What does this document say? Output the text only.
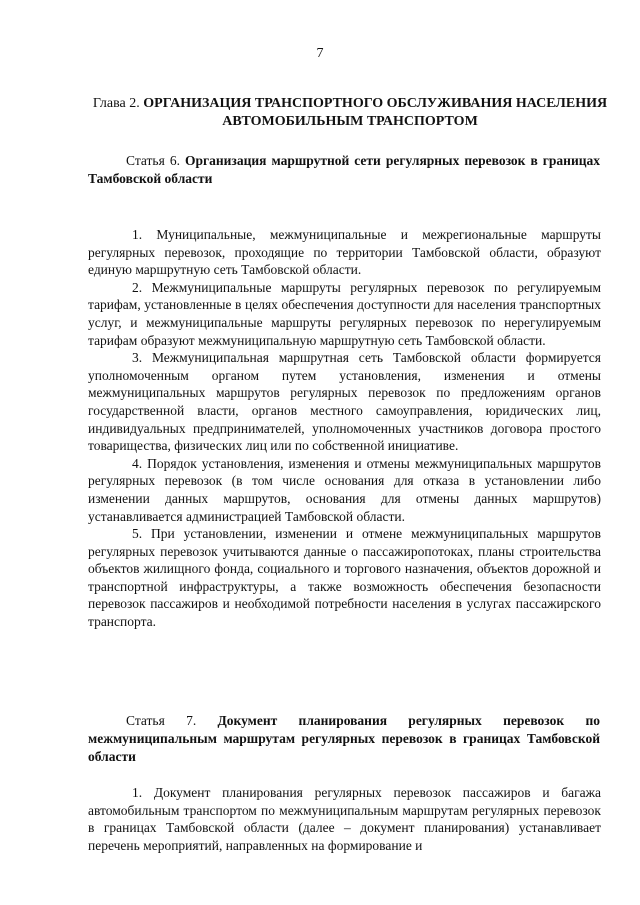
7
Глава 2. ОРГАНИЗАЦИЯ ТРАНСПОРТНОГО ОБСЛУЖИВАНИЯ НАСЕЛЕНИЯ АВТОМОБИЛЬНЫМ ТРАНСПОРТОМ
Статья 6. Организация маршрутной сети регулярных перевозок в границах Тамбовской области

1. Муниципальные, межмуниципальные и межрегиональные маршруты регулярных перевозок, проходящие по территории Тамбовской области, образуют единую маршрутную сеть Тамбовской области.

2. Межмуниципальные маршруты регулярных перевозок по регулируемым тарифам, установленные в целях обеспечения доступности для населения транспортных услуг, и межмуниципальные маршруты регулярных перевозок по нерегулируемым тарифам образуют межмуниципальную маршрутную сеть Тамбовской области.

3. Межмуниципальная маршрутная сеть Тамбовской области формируется уполномоченным органом путем установления, изменения и отмены межмуниципальных маршрутов регулярных перевозок по предложениям органов государственной власти, органов местного самоуправления, юридических лиц, индивидуальных предпринимателей, уполномоченных участников договора простого товарищества, физических лиц или по собственной инициативе.

4. Порядок установления, изменения и отмены межмуниципальных маршрутов регулярных перевозок (в том числе основания для отказа в установлении либо изменении данных маршрутов, основания для отмены данных маршрутов) устанавливается администрацией Тамбовской области.

5. При установлении, изменении и отмене межмуниципальных маршрутов регулярных перевозок учитываются данные о пассажиропотоках, планы строительства объектов жилищного фонда, социального и торгового назначения, объектов дорожной и транспортной инфраструктуры, а также возможность обеспечения безопасности перевозок пассажиров и необходимой потребности населения в услугах пассажирского транспорта.

Статья 7. Документ планирования регулярных перевозок по межмуниципальным маршрутам регулярных перевозок в границах Тамбовской области

1. Документ планирования регулярных перевозок пассажиров и багажа автомобильным транспортом по межмуниципальным маршрутам регулярных перевозок в границах Тамбовской области (далее – документ планирования) устанавливает перечень мероприятий, направленных на формирование и
